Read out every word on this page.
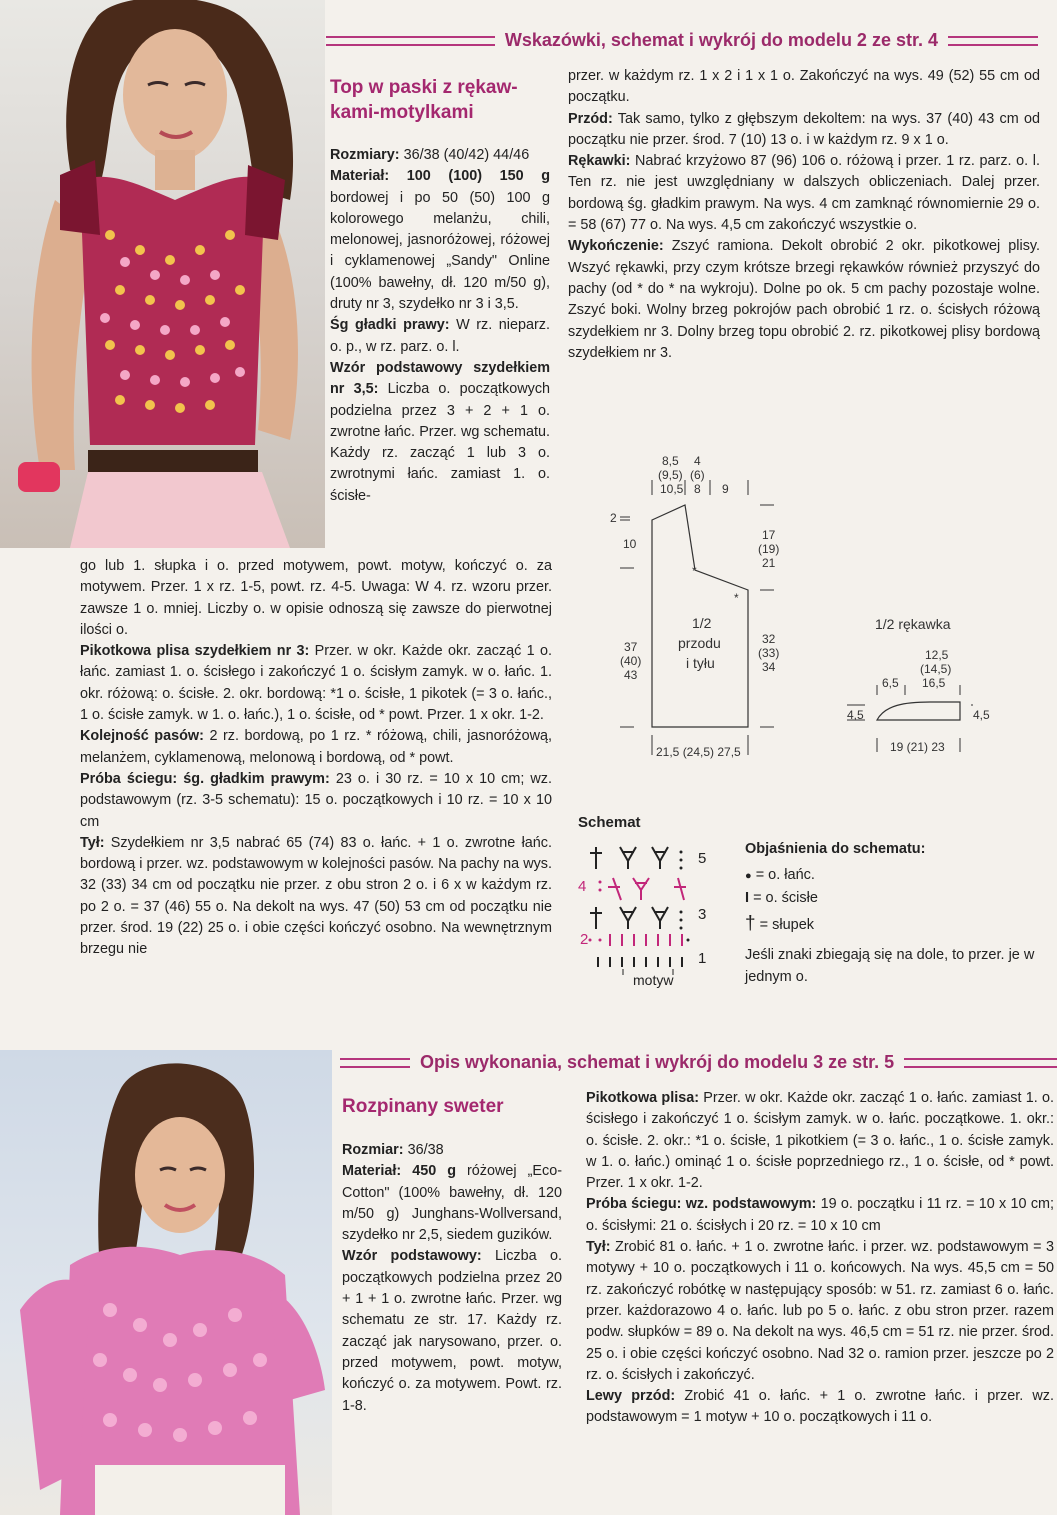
Wskazówki, schemat i wykrój do modelu 2 ze str. 4
Top w paski z rękaw-
kami-motylkami

Rozmiary: 36/38 (40/42) 44/46

Materiał: 100 (100) 150 g bordowej i po 50 (50) 100 g kolorowego melanżu, chili, melonowej, jasnoróżowej, różowej i cyklamenowej „Sandy" Online (100% bawełny, dł. 120 m/50 g), druty nr 3, szydełko nr 3 i 3,5.

Śg gładki prawy: W rz. nieparz. o. p., w rz. parz. o. l.

Wzór podstawowy szydełkiem nr 3,5: Liczba o. początkowych podzielna przez 3 + 2 + 1 o. zwrotne łańc. Przer. wg schematu. Każdy rz. zacząć 1 lub 3 o. zwrotnymi łańc. zamiast 1. o. ścisłe-

go lub 1. słupka i o. przed motywem, powt. motyw, kończyć o. za motywem. Przer. 1 x rz. 1-5, powt. rz. 4-5. Uwaga: W 4. rz. wzoru przer. zawsze 1 o. mniej. Liczby o. w opisie odnoszą się zawsze do pierwotnej ilości o.

Pikotkowa plisa szydełkiem nr 3: Przer. w okr. Każde okr. zacząć 1 o. łańc. zamiast 1. o. ścisłego i zakończyć 1 o. ścisłym zamyk. w o. łańc. 1. okr. różową: o. ścisłe. 2. okr. bordową: *1 o. ścisłe, 1 pikotek (= 3 o. łańc., 1 o. ścisłe zamyk. w 1. o. łańc.), 1 o. ścisłe, od * powt. Przer. 1 x okr. 1-2.

Kolejność pasów: 2 rz. bordową, po 1 rz. * różową, chili, jasnoróżową, melanżem, cyklamenową, melonową i bordową, od * powt.

Próba ściegu: śg. gładkim prawym: 23 o. i 30 rz. = 10 x 10 cm; wz. podstawowym (rz. 3-5 schematu): 15 o. początkowych i 10 rz. = 10 x 10 cm

Tył: Szydełkiem nr 3,5 nabrać 65 (74) 83 o. łańc. + 1 o. zwrotne łańc. bordową i przer. wz. podstawowym w kolejności pasów. Na pachy na wys. 32 (33) 34 cm od początku nie przer. z obu stron 2 o. i 6 x w każdym rz. po 2 o. = 37 (46) 55 o. Na dekolt na wys. 47 (50) 53 cm od początku nie przer. środ. 19 (22) 25 o. i obie części kończyć osobno. Na wewnętrznym brzegu nie

przer. w każdym rz. 1 x 2 i 1 x 1 o. Zakończyć na wys. 49 (52) 55 cm od początku.

Przód: Tak samo, tylko z głębszym dekoltem: na wys. 37 (40) 43 cm od początku nie przer. środ. 7 (10) 13 o. i w każdym rz. 9 x 1 o.

Rękawki: Nabrać krzyżowo 87 (96) 106 o. różową i przer. 1 rz. parz. o. l. Ten rz. nie jest uwzględniany w dalszych obliczeniach. Dalej przer. bordową śg. gładkim prawym. Na wys. 4 cm zamknąć równomiernie 29 o. = 58 (67) 77 o. Na wys. 4,5 cm zakończyć wszystkie o.

Wykończenie: Zszyć ramiona. Dekolt obrobić 2 okr. pikotkowej plisy. Wszyć rękawki, przy czym krótsze brzegi rękawków również przyszyć do pachy (od * do * na wykroju). Dolne po ok. 5 cm pachy pozostaje wolne. Zszyć boki. Wolny brzeg pokrojów pach obrobić 1 rz. o. ścisłych różową szydełkiem nr 3. Dolny brzeg topu obrobić 2. rz. pikotkowej plisy bordową szydełkiem nr 3.

*
*
8,5
(9,5)
10,5
4
(6)
8 9
2
10
17
(19)
21
1/2
przodu
i tyłu
37
(40)
43
32
(33)
34
21,5 (24,5) 27,5
1/2 rękawka
12,5
(14,5)
16,5
6,5
4,5	4,5
19 (21) 23
Schemat
5
4
3
2
1
motyw
Objaśnienia do schematu:
● = o. łańc.
I = o. ścisłe
† = słupek
Jeśli znaki zbiegają się na dole, to przer. je w jednym o.
Opis wykonania, schemat i wykrój do modelu 3 ze str. 5
Rozpinany sweter

Rozmiar: 36/38

Materiał: 450 g różowej „Eco-Cotton" (100% bawełny, dł. 120 m/50 g) Junghans-Wollversand, szydełko nr 2,5, siedem guzików.

Wzór podstawowy: Liczba o. początkowych podzielna przez 20 + 1 + 1 o. zwrotne łańc. Przer. wg schematu ze str. 17. Każdy rz. zacząć jak narysowano, przer. o. przed motywem, powt. motyw, kończyć o. za motywem. Powt. rz. 1-8.

Pikotkowa plisa: Przer. w okr. Każde okr. zacząć 1 o. łańc. zamiast 1. o. ścisłego i zakończyć 1 o. ścisłym zamyk. w o. łańc. początkowe. 1. okr.: o. ścisłe. 2. okr.: *1 o. ścisłe, 1 pikotkiem (= 3 o. łańc., 1 o. ścisłe zamyk. w 1. o. łańc.) ominąć 1 o. ścisłe poprzedniego rz., 1 o. ścisłe, od * powt. Przer. 1 x okr. 1-2.

Próba ściegu: wz. podstawowym: 19 o. początku i 11 rz. = 10 x 10 cm; o. ścisłymi: 21 o. ścisłych i 20 rz. = 10 x 10 cm

Tył: Zrobić 81 o. łańc. + 1 o. zwrotne łańc. i przer. wz. podstawowym = 3 motywy + 10 o. początkowych i 11 o. końcowych. Na wys. 45,5 cm = 50 rz. zakończyć robótkę w następujący sposób: w 51. rz. zamiast 6 o. łańc. przer. każdorazowo 4 o. łańc. lub po 5 o. łańc. z obu stron przer. razem podw. słupków = 89 o. Na dekolt na wys. 46,5 cm = 51 rz. nie przer. środ. 25 o. i obie części kończyć osobno. Nad 32 o. ramion przer. jeszcze po 2 rz. o. ścisłych i zakończyć.

Lewy przód: Zrobić 41 o. łańc. + 1 o. zwrotne łańc. i przer. wz. podstawowym = 1 motyw + 10 o. początkowych i 11 o.
